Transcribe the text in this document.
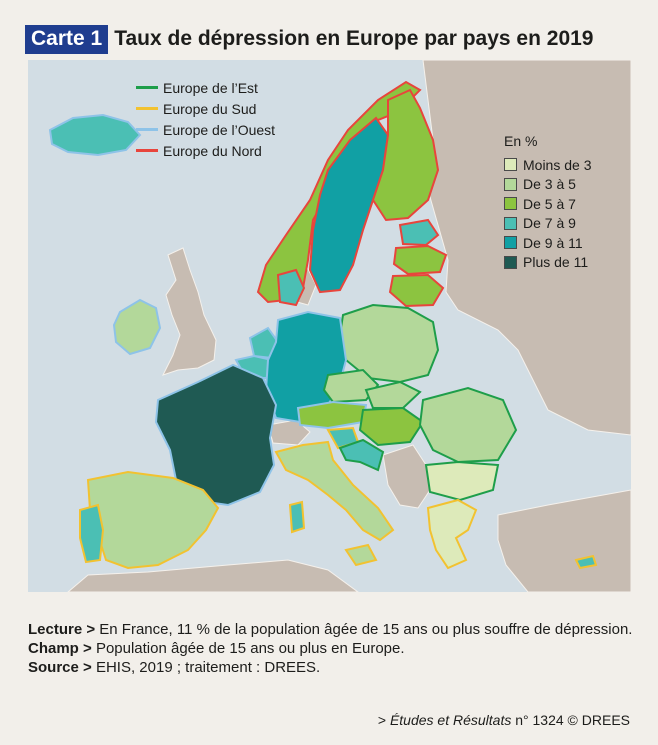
Carte 1 Taux de dépression en Europe par pays en 2019
Europe de l’Est
Europe du Sud
Europe de l’Ouest
Europe du Nord
En %
Moins de 3
De 3 à 5
De 5 à 7
De 7 à 9
De 9 à 11
Plus de 11
Lecture > En France, 11 % de la population âgée de 15 ans ou plus souffre de dépression.
Champ > Population âgée de 15 ans ou plus en Europe.
Source > EHIS, 2019 ; traitement : DREES.
> Études et Résultats n° 1324 © DREES
